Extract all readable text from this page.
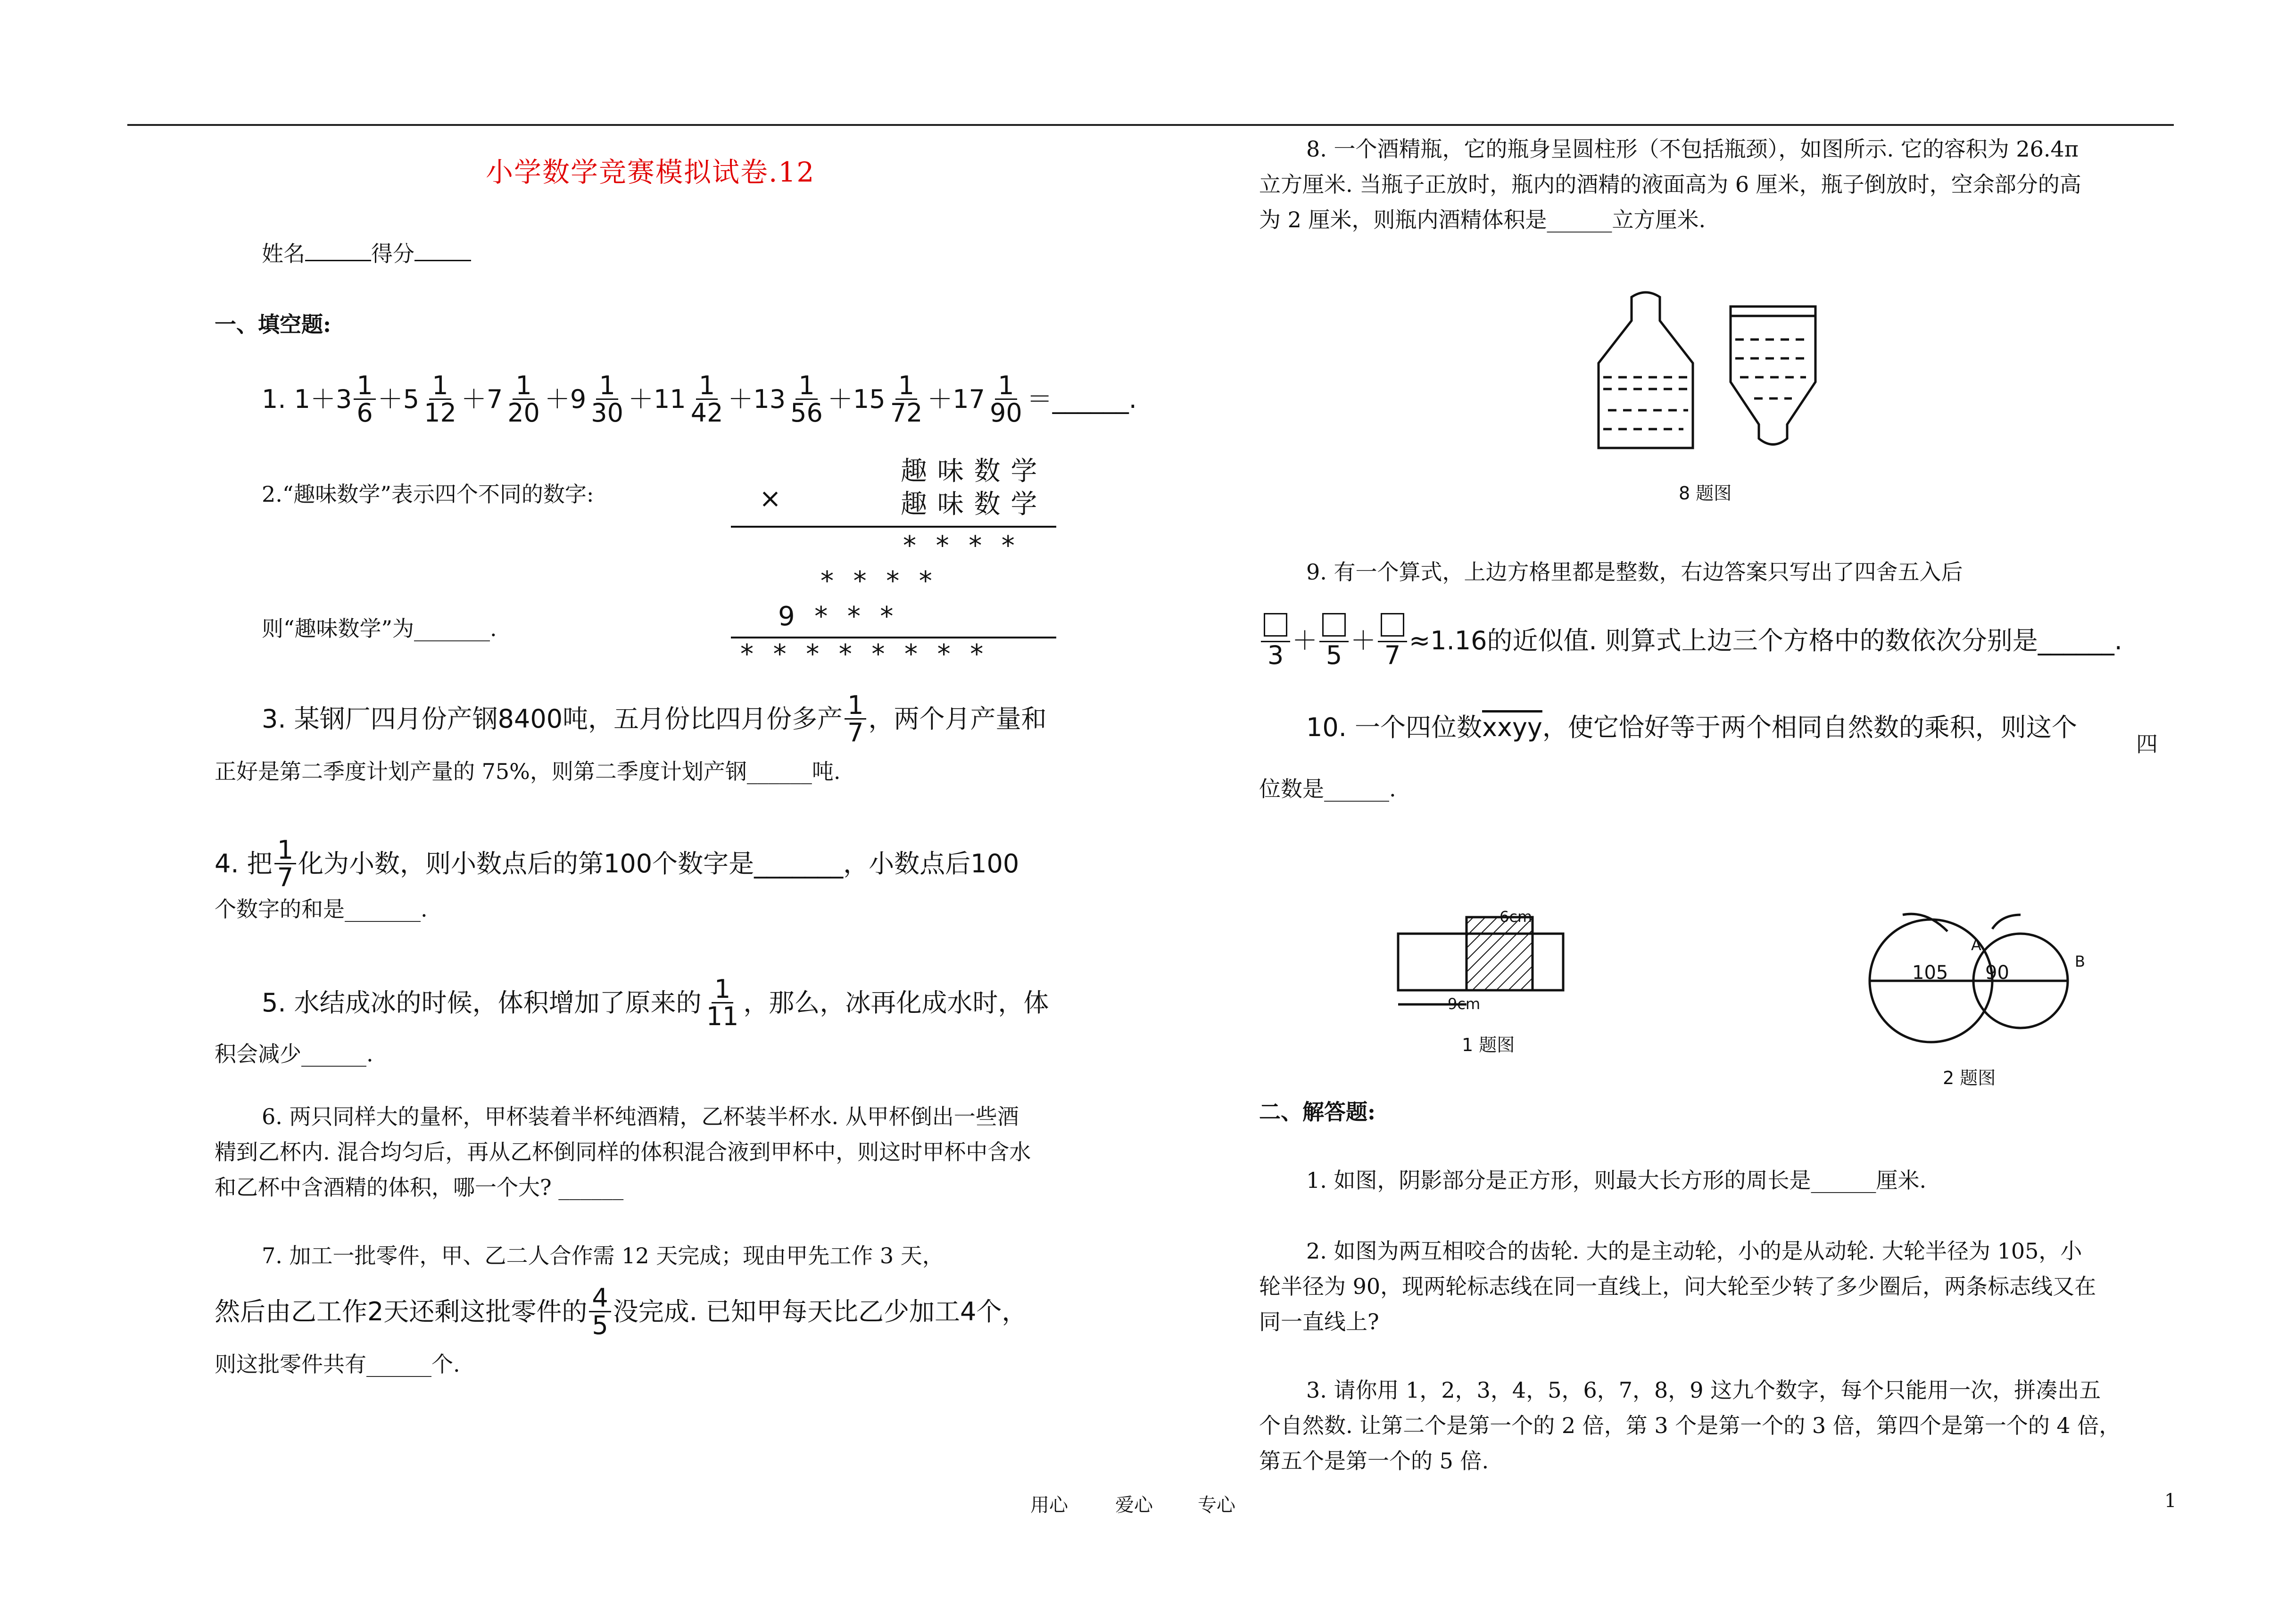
小学数学竞赛模拟试卷.12
姓名	得分
一、填空题:
1. $1+3 \frac{1}{6} +5 \frac{1}{12} +7 \frac{1}{20} +9 \frac{1}{30} +11 \frac{1}{42} +13 \frac{1}{56} +15 \frac{1}{72} +17 \frac{1}{90}$ ＝______.
2.“趣味数学”表示四个不同的数字:
则“趣味数学”为_______.
趣 味 数 学
×	趣 味 数 学
*  *  *  *
*  *  *  *
9  *  *  *
*  *  *  *  *  *  *  *
3. 某钢厂四月份产钢8400吨，五月份比四月份多产 $\frac{1}{7}$ ，两个月产量和
正好是第二季度计划产量的 75%，则第二季度计划产钢______吨.
4. 把 $\frac{1}{7}$ 化为小数，则小数点后的第100个数字是_______，小数点后100
个数字的和是_______.
5. 水结成冰的时候，体积增加了原来的 $\frac{1}{11}$ ，那么，冰再化成水时，体
积会减少______.
6. 两只同样大的量杯，甲杯装着半杯纯酒精，乙杯装半杯水. 从甲杯倒出一些酒
精到乙杯内. 混合均匀后，再从乙杯倒同样的体积混合液到甲杯中，则这时甲杯中含水
和乙杯中含酒精的体积，哪一个大? ______
7. 加工一批零件，甲、乙二人合作需 12 天完成；现由甲先工作 3 天，
然后由乙工作2天还剩这批零件的 $\frac{4}{5}$ 没完成. 已知甲每天比乙少加工4个，
则这批零件共有______个.
8. 一个酒精瓶，它的瓶身呈圆柱形（不包括瓶颈），如图所示. 它的容积为 26.4π
立方厘米. 当瓶子正放时，瓶内的酒精的液面高为 6 厘米，瓶子倒放时，空余部分的高
为 2 厘米，则瓶内酒精体积是______立方厘米.
8 题图
9. 有一个算式，上边方格里都是整数，右边答案只写出了四舍五入后
3 ＋ 5 ＋ 7 ≈1.16的近似值. 则算式上边三个方格中的数依次分别是______.
10. 一个四位数xxyy，使它恰好等于两个相同自然数的乘积，则这个
四
位数是______.
6cm
9cm
1 题图
105 90
A
B
2 题图
二、解答题:
1. 如图，阴影部分是正方形，则最大长方形的周长是______厘米.
2. 如图为两互相咬合的齿轮. 大的是主动轮，小的是从动轮. 大轮半径为 105，小
轮半径为 90，现两轮标志线在同一直线上，问大轮至少转了多少圈后，两条标志线又在
同一直线上?
3. 请你用 1，2，3，4，5，6，7，8，9 这九个数字，每个只能用一次，拼凑出五
个自然数. 让第二个是第一个的 2 倍，第 3 个是第一个的 3 倍，第四个是第一个的 4 倍，
第五个是第一个的 5 倍.
用心	爱心 专心	1
